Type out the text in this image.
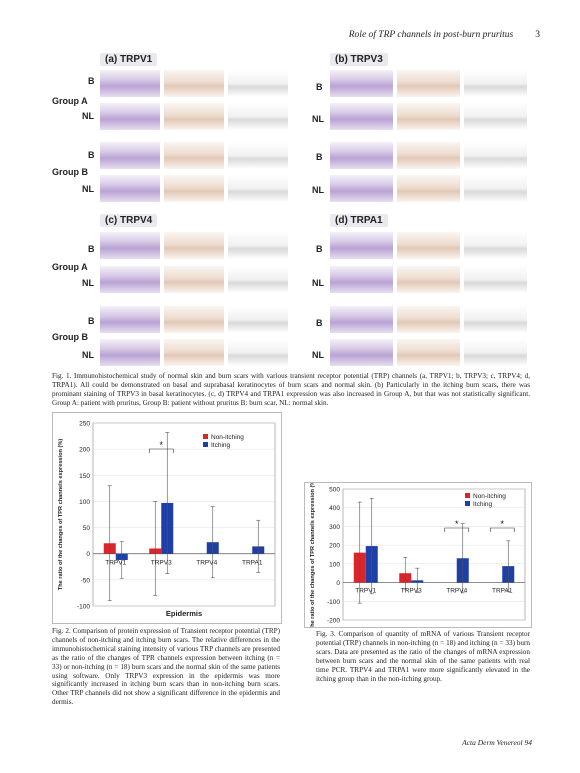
Role of TRP channels in post-burn pruritus 3
(a) TRPV1
Group A
Group B
B
NL
B
NL
(b) TRPV3
B
NL
B
NL
(c) TRPV4
Group A
Group B
B
NL
B
NL
(d) TRPA1
B
NL
B
NL
Fig. 1. Immunohistochemical study of normal skin and burn scars with various transient receptor potential (TRP) channels (a, TRPV1; b, TRPV3; c, TRPV4; d, TRPA1). All could be demonstrated on basal and suprabasal keratinocytes of burn scars and normal skin. (b) Particularly in the itching burn scars, there was prominant staining of TRPV3 in basal keratinocytes. (c, d) TRPV4 and TRPA1 expression was also increased in Group A, but that was not statistically significant. Group A: patient with pruritus, Group B: patient without pruritus B: burn scar, NL: normal skin.
-100
-50
0
50
100
150
200
250
TRPV1	TRPV3	TRPV4	TRPA1
*
Non-itching
Itching
The ratio of the changes of TPR channels expression (%)
Epidermis
Fig. 2. Comparison of protein expression of Transient receptor potential (TRP) channels of non-itching and itching burn scars. The relative differences in the immunohistochemical staining intensity of various TRP channels are presented as the ratio of the changes of TPR channels expression between itching (n = 33) or non-itching (n = 18) burn scars and the normal skin of the same patients using software. Only TRPV3 expression in the epidermis was more significantly increased in itching burn scars than in non-itching burn scars. Other TRP channels did not show a significant difference in the epidermis and dermis.
-200
-100
0
100
200
300
400
500
TRPV1	TRPV3	TRPV4	TRPA1
*	*
Non-itching
Itching
The ratio of the changes of TPR channels expression (%)
Fig. 3. Comparison of quantity of mRNA of various Transient receptor potential (TRP) channels in non-itching (n = 18) and itching (n = 33) burn scars. Data are presented as the ratio of the changes of mRNA expression between burn scars and the normal skin of the same patients with real time PCR. TRPV4 and TRPA1 were more significantly elevated in the itching group than in the non-itching group.
Acta Derm Venereol 94
